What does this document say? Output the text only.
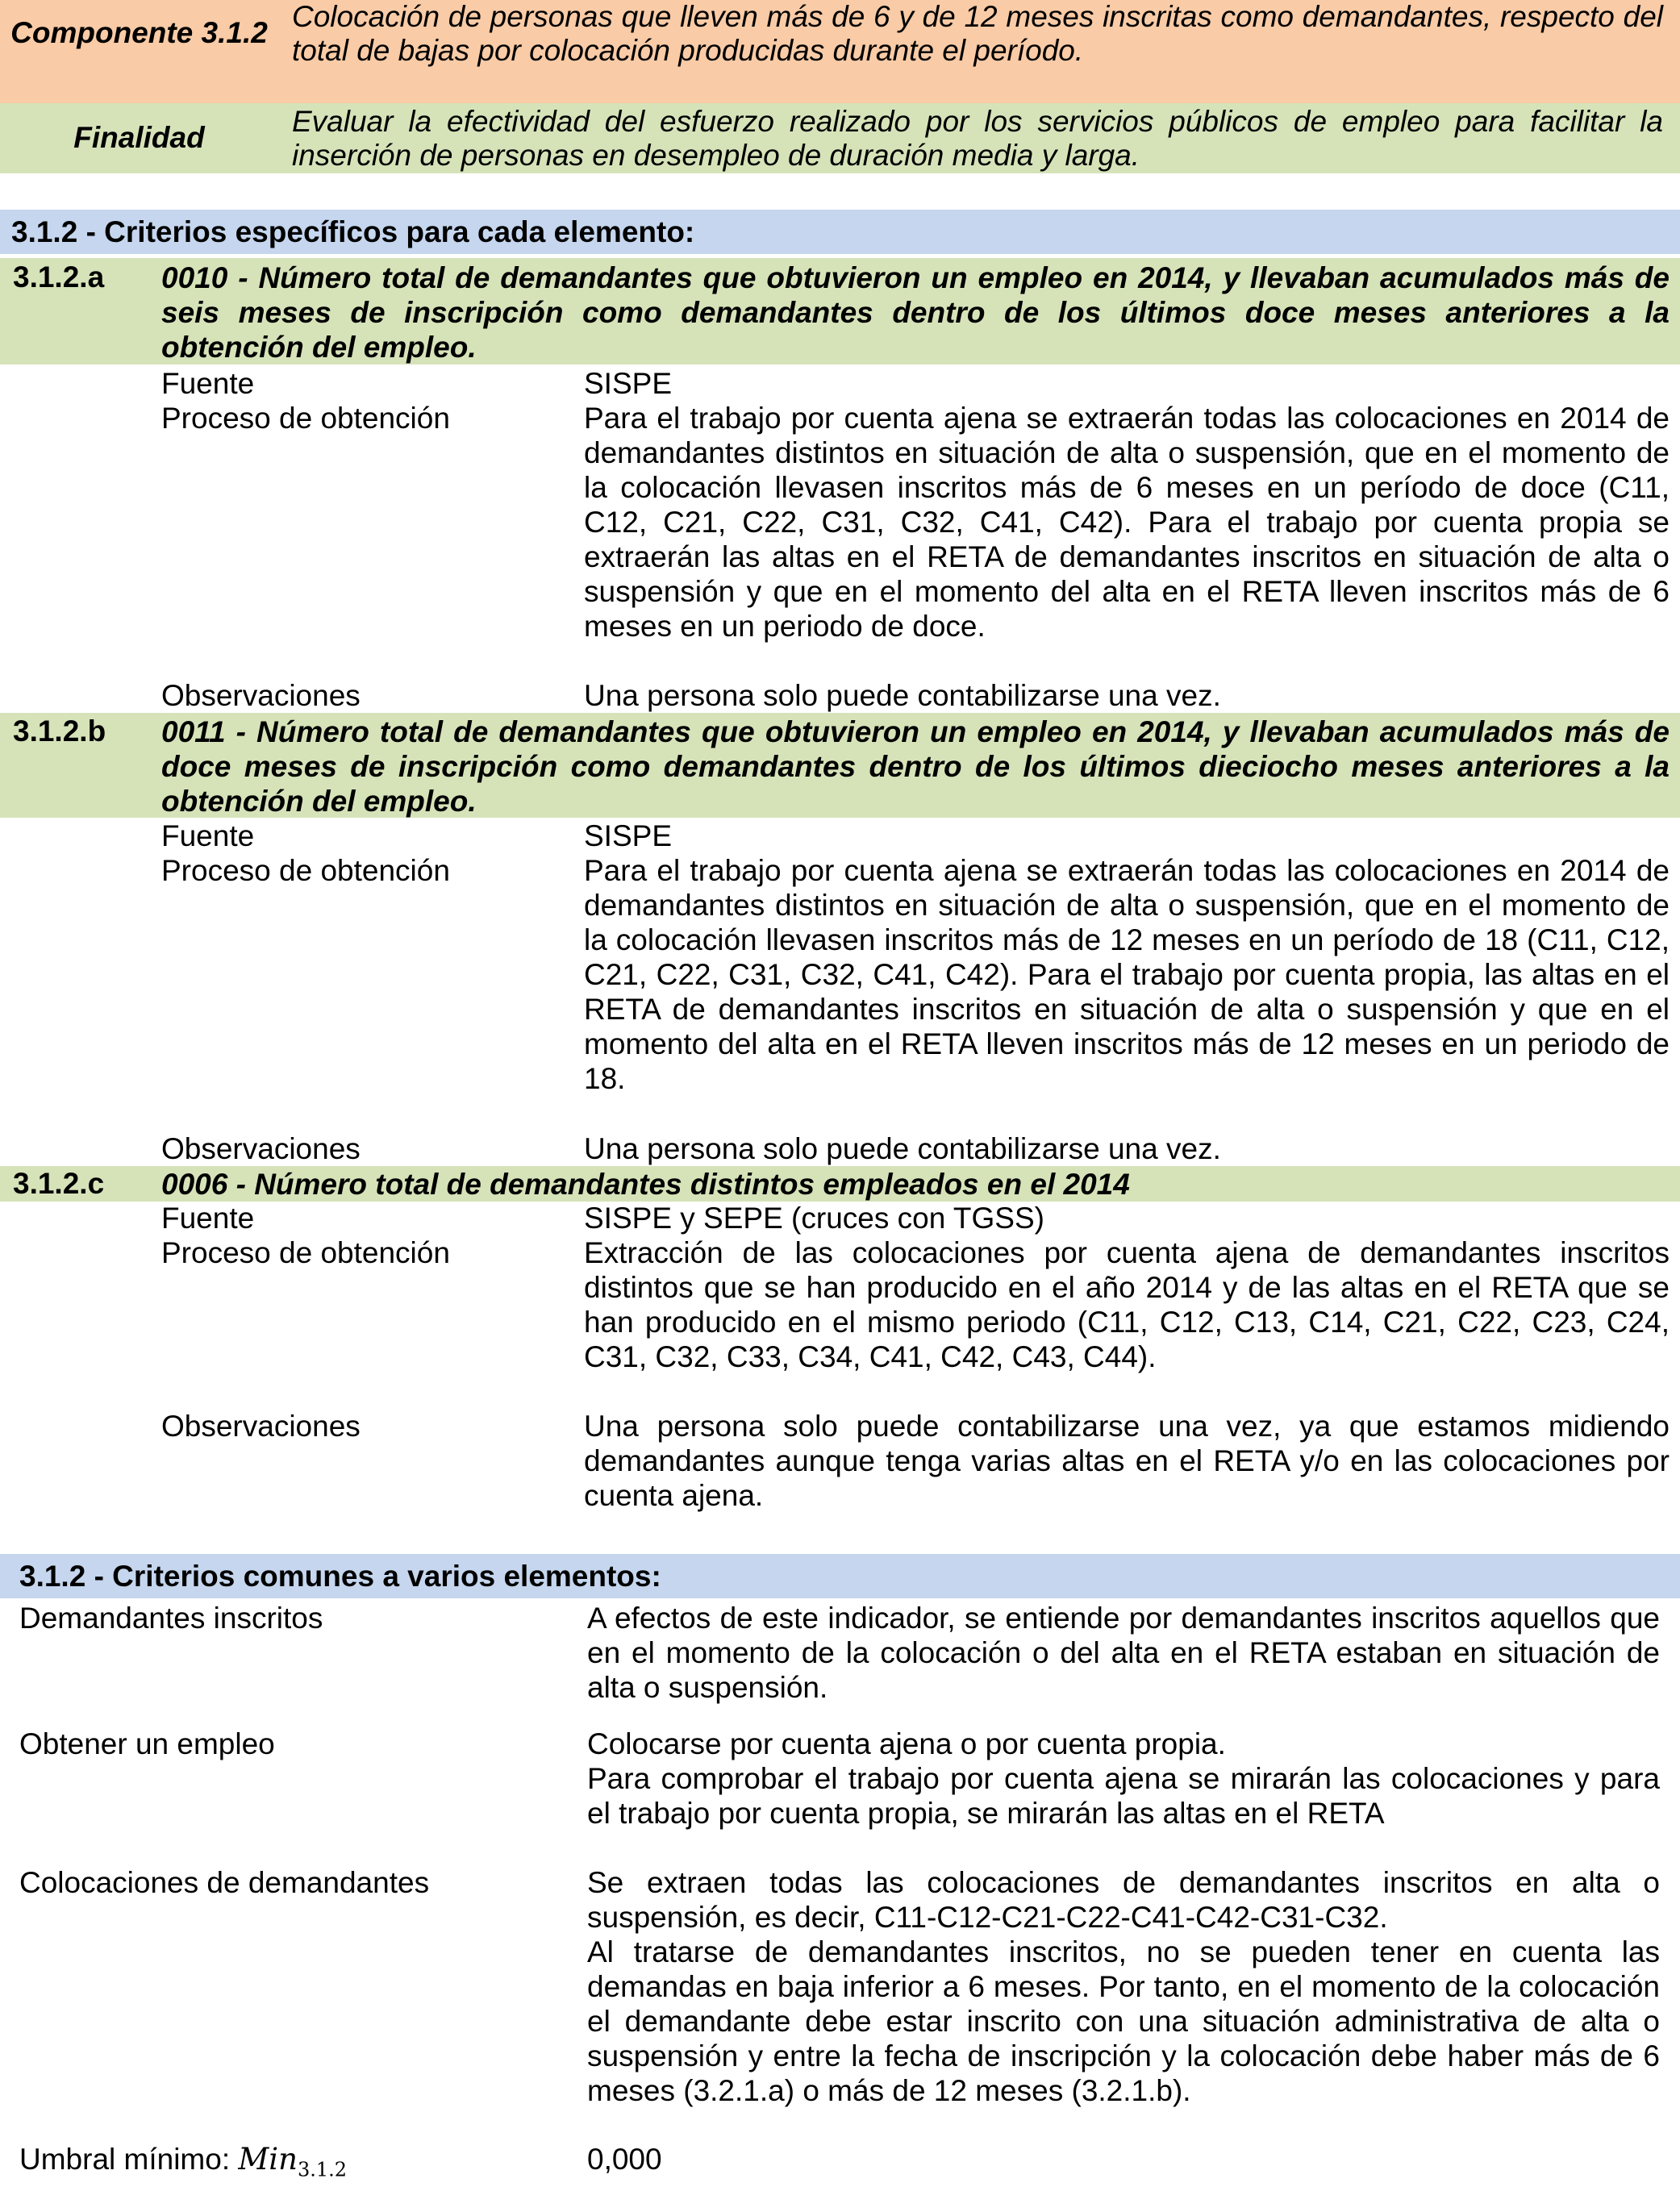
Componente 3.1.2 Colocación de personas que lleven más de 6 y de 12 meses inscritas como demandantes, respecto del total de bajas por colocación producidas durante el período.
Finalidad	Evaluar la efectividad del esfuerzo realizado por los servicios públicos de empleo para facilitar la inserción de personas en desempleo de duración media y larga.
3.1.2 - Criterios específicos para cada elemento:
3.1.2.a 0010 - Número total de demandantes que obtuvieron un empleo en 2014, y llevaban acumulados más de seis meses de inscripción como demandantes dentro de los últimos doce meses anteriores a la obtención del empleo.
Fuente	SISPE
Proceso de obtención	Para el trabajo por cuenta ajena se extraerán todas las colocaciones en 2014 de demandantes distintos en situación de alta o suspensión, que en el momento de la colocación llevasen inscritos más de 6 meses en un período de doce (C11, C12, C21, C22, C31, C32, C41, C42). Para el trabajo por cuenta propia se extraerán las altas en el RETA de demandantes inscritos en situación de alta o suspensión y que en el momento del alta en el RETA lleven inscritos más de 6 meses en un periodo de doce.
Observaciones	Una persona solo puede contabilizarse una vez.
3.1.2.b 0011 - Número total de demandantes que obtuvieron un empleo en 2014, y llevaban acumulados más de doce meses de inscripción como demandantes dentro de los últimos dieciocho meses anteriores a la obtención del empleo.
Fuente	SISPE
Proceso de obtención	Para el trabajo por cuenta ajena se extraerán todas las colocaciones en 2014 de demandantes distintos en situación de alta o suspensión, que en el momento de la colocación llevasen inscritos más de 12 meses en un período de 18 (C11, C12, C21, C22, C31, C32, C41, C42). Para el trabajo por cuenta propia, las altas en el RETA de demandantes inscritos en situación de alta o suspensión y que en el momento del alta en el RETA lleven inscritos más de 12 meses en un periodo de 18.
Observaciones	Una persona solo puede contabilizarse una vez.
3.1.2.c 0006 - Número total de demandantes distintos empleados en el 2014
Fuente	SISPE y SEPE (cruces con TGSS)
Proceso de obtención	Extracción de las colocaciones por cuenta ajena de demandantes inscritos distintos que se han producido en el año 2014 y de las altas en el RETA que se han producido en el mismo periodo (C11, C12, C13, C14, C21, C22, C23, C24, C31, C32, C33, C34, C41, C42, C43, C44).
Observaciones	Una persona solo puede contabilizarse una vez, ya que estamos midiendo demandantes aunque tenga varias altas en el RETA y/o en las colocaciones por cuenta ajena.
3.1.2 - Criterios comunes a varios elementos:
Demandantes inscritos	A efectos de este indicador, se entiende por demandantes inscritos aquellos que en el momento de la colocación o del alta en el RETA estaban en situación de alta o suspensión.
Obtener un empleo	Colocarse por cuenta ajena o por cuenta propia.
Para comprobar el trabajo por cuenta ajena se mirarán las colocaciones y para el trabajo por cuenta propia, se mirarán las altas en el RETA
Colocaciones de demandantes	Se extraen todas las colocaciones de demandantes inscritos en alta o suspensión, es decir, C11-C12-C21-C22-C41-C42-C31-C32.
Al tratarse de demandantes inscritos, no se pueden tener en cuenta las demandas en baja inferior a 6 meses. Por tanto, en el momento de la colocación el demandante debe estar inscrito con una situación administrativa de alta o suspensión y entre la fecha de inscripción y la colocación debe haber más de 6 meses (3.2.1.a) o más de 12 meses (3.2.1.b).
Umbral mínimo: Min$_{3.1.2}$	0,000
